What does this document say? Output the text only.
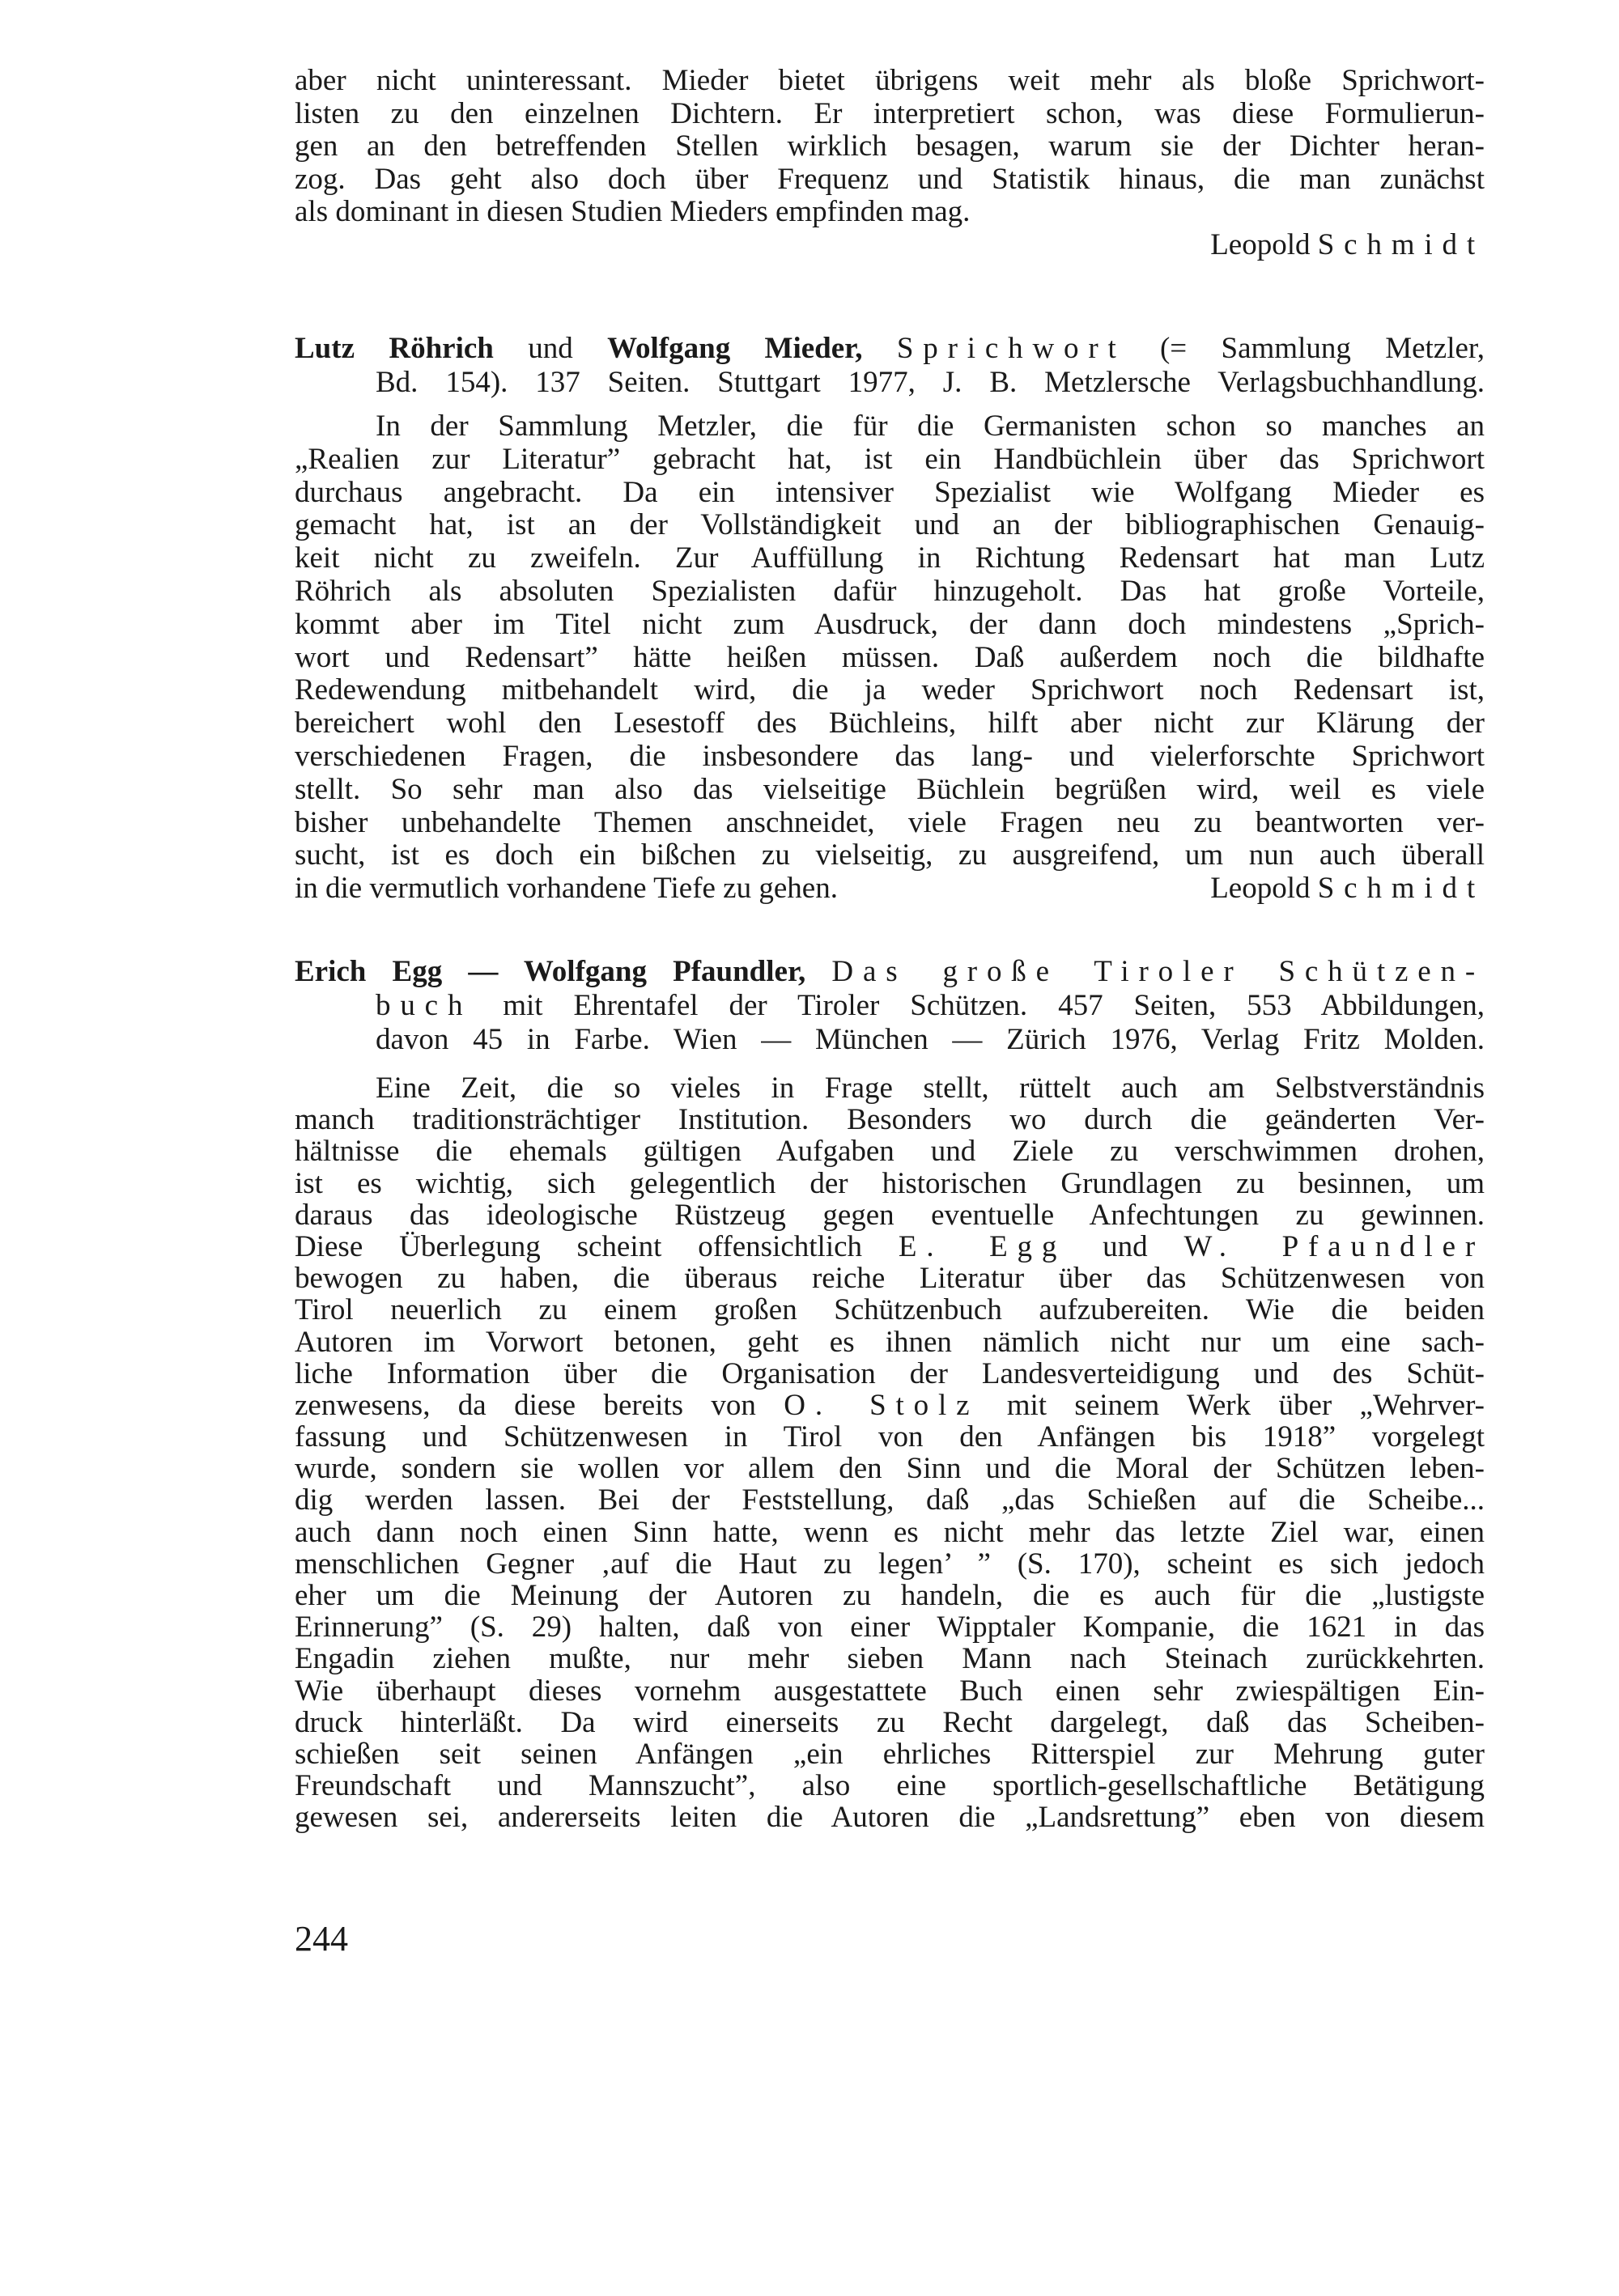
aber nicht uninteressant. Mieder bietet übrigens weit mehr als bloße Sprichwort-
listen zu den einzelnen Dichtern. Er interpretiert schon, was diese Formulierun-
gen an den betreffenden Stellen wirklich besagen, warum sie der Dichter heran-
zog. Das geht also doch über Frequenz und Statistik hinaus, die man zunächst
als dominant in diesen Studien Mieders empfinden mag.
Leopold Schmidt
Lutz Röhrich und Wolfgang Mieder, Sprichwort (= Sammlung Metzler,
Bd. 154). 137 Seiten. Stuttgart 1977, J. B. Metzlersche Verlagsbuchhandlung.
In der Sammlung Metzler, die für die Germanisten schon so manches an
„Realien zur Literatur” gebracht hat, ist ein Handbüchlein über das Sprichwort
durchaus angebracht. Da ein intensiver Spezialist wie Wolfgang Mieder es
gemacht hat, ist an der Vollständigkeit und an der bibliographischen Genauig-
keit nicht zu zweifeln. Zur Auffüllung in Richtung Redensart hat man Lutz
Röhrich als absoluten Spezialisten dafür hinzugeholt. Das hat große Vorteile,
kommt aber im Titel nicht zum Ausdruck, der dann doch mindestens „Sprich-
wort und Redensart” hätte heißen müssen. Daß außerdem noch die bildhafte
Redewendung mitbehandelt wird, die ja weder Sprichwort noch Redensart ist,
bereichert wohl den Lesestoff des Büchleins, hilft aber nicht zur Klärung der
verschiedenen Fragen, die insbesondere das lang- und vielerforschte Sprichwort
stellt. So sehr man also das vielseitige Büchlein begrüßen wird, weil es viele
bisher unbehandelte Themen anschneidet, viele Fragen neu zu beantworten ver-
sucht, ist es doch ein bißchen zu vielseitig, zu ausgreifend, um nun auch überall
in die vermutlich vorhandene Tiefe zu gehen.	Leopold Schmidt
Erich Egg — Wolfgang Pfaundler, Das große Tiroler Schützen-
buch mit Ehrentafel der Tiroler Schützen. 457 Seiten, 553 Abbildungen,
davon 45 in Farbe. Wien — München — Zürich 1976, Verlag Fritz Molden.
Eine Zeit, die so vieles in Frage stellt, rüttelt auch am Selbstverständnis
manch traditionsträchtiger Institution. Besonders wo durch die geänderten Ver-
hältnisse die ehemals gültigen Aufgaben und Ziele zu verschwimmen drohen,
ist es wichtig, sich gelegentlich der historischen Grundlagen zu besinnen, um
daraus das ideologische Rüstzeug gegen eventuelle Anfechtungen zu gewinnen.
Diese Überlegung scheint offensichtlich E. Egg und W. Pfaundler
bewogen zu haben, die überaus reiche Literatur über das Schützenwesen von
Tirol neuerlich zu einem großen Schützenbuch aufzubereiten. Wie die beiden
Autoren im Vorwort betonen, geht es ihnen nämlich nicht nur um eine sach-
liche Information über die Organisation der Landesverteidigung und des Schüt-
zenwesens, da diese bereits von O. Stolz mit seinem Werk über „Wehrver-
fassung und Schützenwesen in Tirol von den Anfängen bis 1918” vorgelegt
wurde, sondern sie wollen vor allem den Sinn und die Moral der Schützen leben-
dig werden lassen. Bei der Feststellung, daß „das Schießen auf die Scheibe...
auch dann noch einen Sinn hatte, wenn es nicht mehr das letzte Ziel war, einen
menschlichen Gegner ‚auf die Haut zu legen’ ” (S. 170), scheint es sich jedoch
eher um die Meinung der Autoren zu handeln, die es auch für die „lustigste
Erinnerung” (S. 29) halten, daß von einer Wipptaler Kompanie, die 1621 in das
Engadin ziehen mußte, nur mehr sieben Mann nach Steinach zurückkehrten.
Wie überhaupt dieses vornehm ausgestattete Buch einen sehr zwiespältigen Ein-
druck hinterläßt. Da wird einerseits zu Recht dargelegt, daß das Scheiben-
schießen seit seinen Anfängen „ein ehrliches Ritterspiel zur Mehrung guter
Freundschaft und Mannszucht”, also eine sportlich-gesellschaftliche Betätigung
gewesen sei, andererseits leiten die Autoren die „Landsrettung” eben von diesem
244
